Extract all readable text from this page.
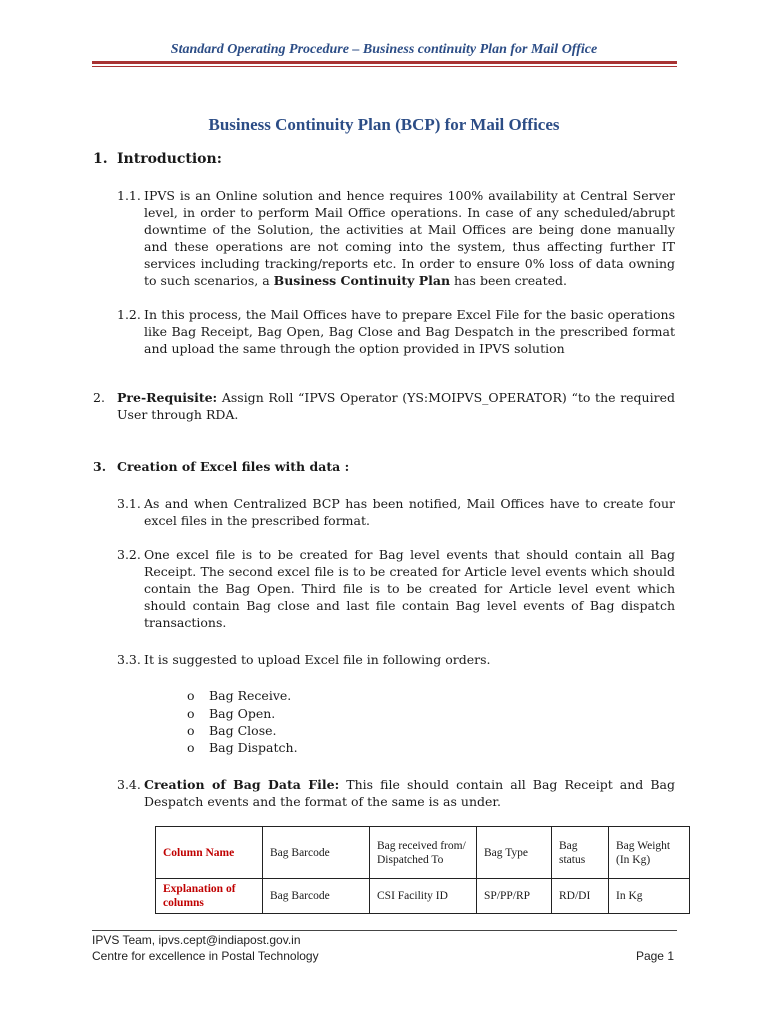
Standard Operating Procedure – Business continuity Plan for Mail Office
Business Continuity Plan (BCP) for Mail Offices
1. Introduction:
1.1. IPVS is an Online solution and hence requires 100% availability at Central Server level, in order to perform Mail Office operations. In case of any scheduled/abrupt downtime of the Solution, the activities at Mail Offices are being done manually and these operations are not coming into the system, thus affecting further IT services including tracking/reports etc. In order to ensure 0% loss of data owning to such scenarios, a Business Continuity Plan has been created.
1.2. In this process, the Mail Offices have to prepare Excel File for the basic operations like Bag Receipt, Bag Open, Bag Close and Bag Despatch in the prescribed format and upload the same through the option provided in IPVS solution
2. Pre-Requisite: Assign Roll “IPVS Operator (YS:MOIPVS_OPERATOR) “to the required User through RDA.
3. Creation of Excel files with data :
3.1. As and when Centralized BCP has been notified, Mail Offices have to create four excel files in the prescribed format.
3.2. One excel file is to be created for Bag level events that should contain all Bag Receipt. The second excel file is to be created for Article level events which should contain the Bag Open. Third file is to be created for Article level event which should contain Bag close and last file contain Bag level events of Bag dispatch transactions.
3.3. It is suggested to upload Excel file in following orders.
o Bag Receive.
o Bag Open.
o Bag Close.
o Bag Dispatch.
3.4. Creation of Bag Data File: This file should contain all Bag Receipt and Bag Despatch events and the format of the same is as under.
Column Name	Bag Barcode	Bag received from/ Dispatched To	Bag Type	Bag status	Bag Weight (In Kg)
Explanation of columns	Bag Barcode	CSI Facility ID	SP/PP/RP	RD/DI	In Kg
IPVS Team, ipvs.cept@indiapost.gov.in
Centre for excellence in Postal Technology	Page 1
